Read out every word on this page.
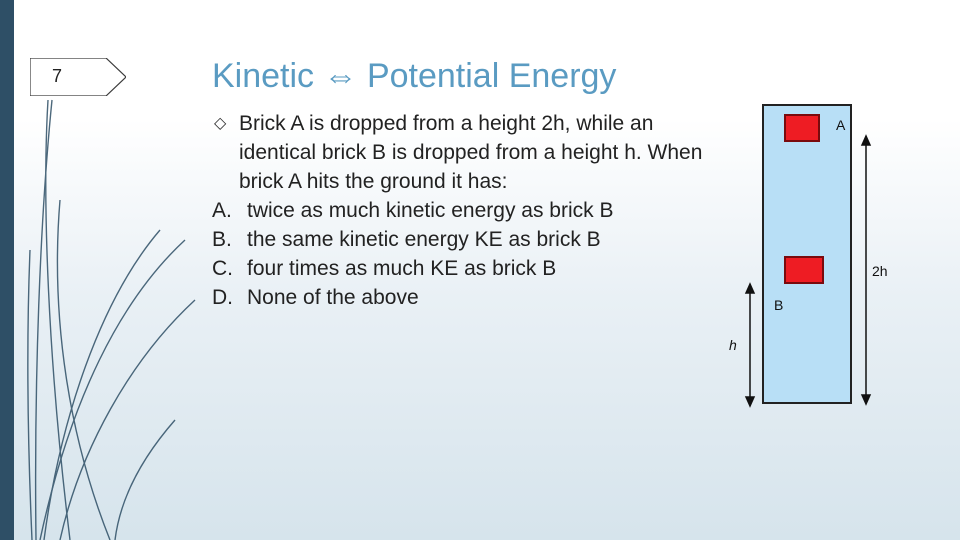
7	Kinetic ⇔ Potential Energy
◇ Brick A is dropped from a height 2h, while an identical brick B is dropped from a height h. When brick A hits the ground it has:
A. twice as much kinetic energy as brick B
B. the same kinetic energy KE as brick B
C. four times as much KE as brick B
D. None of the above
A
B
2h
h
